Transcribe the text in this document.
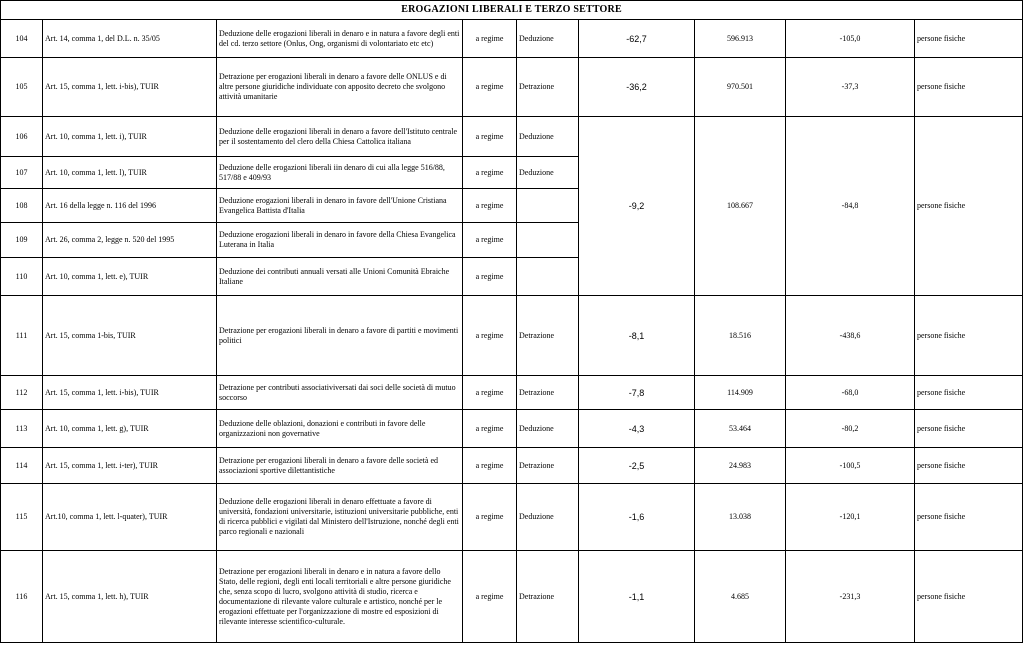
EROGAZIONI LIBERALI E TERZO SETTORE								
104	Art. 14, comma 1, del D.L. n. 35/05	Deduzione delle erogazioni liberali in denaro e in natura a favore degli enti del cd. terzo settore (Onlus, Ong, organismi di volontariato etc etc)	a regime	Deduzione	-62,7	596.913	-105,0	persone fisiche
105	Art. 15, comma 1, lett. i-bis), TUIR	Detrazione per erogazioni liberali in denaro a favore delle ONLUS e di altre persone giuridiche individuate con apposito decreto che svolgono attività umanitarie	a regime	Detrazione	-36,2	970.501	-37,3	persone fisiche
106	Art. 10, comma 1, lett. i), TUIR	Deduzione delle erogazioni liberali in denaro a favore dell'Istituto centrale per il sostentamento del clero della Chiesa Cattolica italiana	a regime	Deduzione	-9,2	108.667	-84,8	persone fisiche
107	Art. 10, comma 1, lett. l), TUIR	Deduzione delle erogazioni liberali iin denaro di cui alla legge 516/88, 517/88 e 409/93	a regime	Deduzione				
108	Art. 16 della legge n. 116 del 1996	Deduzione erogazioni liberali in denaro in favore dell'Unione Cristiana Evangelica Battista d'Italia	a regime					
109	Art. 26, comma 2, legge n. 520 del 1995	Deduzione erogazioni liberali in denaro in favore della Chiesa Evangelica Luterana in Italia	a regime					
110	Art. 10, comma 1, lett. e), TUIR	Deduzione dei contributi annuali versati alle Unioni Comunità Ebraiche Italiane	a regime					
111	Art. 15, comma 1-bis, TUIR	Detrazione per erogazioni liberali in denaro a favore di partiti e movimenti politici	a regime	Detrazione	-8,1	18.516	-438,6	persone fisiche
112	Art. 15, comma 1, lett. i-bis), TUIR	Detrazione per contributi associativiversati dai soci delle società di mutuo soccorso	a regime	Detrazione	-7,8	114.909	-68,0	persone fisiche
113	Art. 10, comma 1, lett. g), TUIR	Deduzione delle oblazioni, donazioni e contributi in favore delle organizzazioni non governative	a regime	Deduzione	-4,3	53.464	-80,2	persone fisiche
114	Art. 15, comma 1, lett. i-ter), TUIR	Detrazione per erogazioni liberali in denaro a favore delle società ed associazioni sportive dilettantistiche	a regime	Detrazione	-2,5	24.983	-100,5	persone fisiche
115	Art.10, comma 1, lett. l-quater), TUIR	Deduzione delle erogazioni liberali in denaro effettuate a favore di università, fondazioni universitarie, istituzioni universitarie pubbliche, enti di ricerca pubblici e vigilati dal Ministero dell'Istruzione, nonché degli enti parco regionali e nazionali	a regime	Deduzione	-1,6	13.038	-120,1	persone fisiche
116	Art. 15, comma 1, lett. h), TUIR	Detrazione per erogazioni liberali in denaro e in natura a favore dello Stato, delle regioni, degli enti locali territoriali e altre persone giuridiche che, senza scopo di lucro, svolgono attività di studio, ricerca e documentazione di rilevante valore culturale e artistico, nonché per le erogazioni effettuate per l'organizzazione di mostre ed esposizioni di rilevante interesse scientifico-culturale.	a regime	Detrazione	-1,1	4.685	-231,3	persone fisiche
